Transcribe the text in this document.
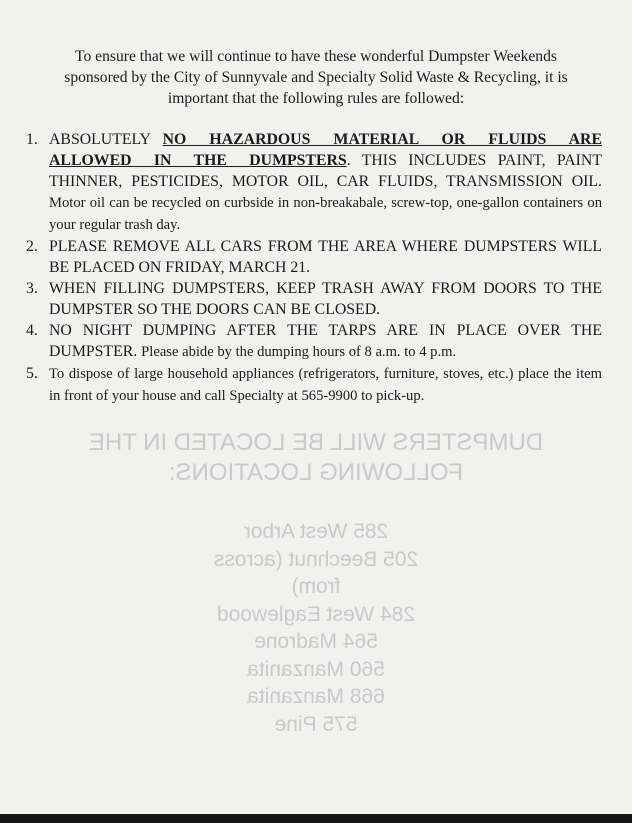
DUMPSTERS WILL BE LOCATED IN THE
FOLLOWING LOCATIONS:
285 West Arbor
205 Beechnut (across from)
284 West Eaglewood
564 Madrone
560 Manzanita
668 Manzanita
575 Pine
To ensure that we will continue to have these wonderful Dumpster Weekends
sponsored by the City of Sunnyvale and Specialty Solid Waste & Recycling, it is
important that the following rules are followed:
1. ABSOLUTELY NO HAZARDOUS MATERIAL OR FLUIDS ARE ALLOWED IN THE DUMPSTERS. THIS INCLUDES PAINT, PAINT THINNER, PESTICIDES, MOTOR OIL, CAR FLUIDS, TRANSMISSION OIL. Motor oil can be recycled on curbside in non-breakabale, screw-top, one-gallon containers on your regular trash day.
2. PLEASE REMOVE ALL CARS FROM THE AREA WHERE DUMPSTERS WILL BE PLACED ON FRIDAY, MARCH 21.
3. WHEN FILLING DUMPSTERS, KEEP TRASH AWAY FROM DOORS TO THE DUMPSTER SO THE DOORS CAN BE CLOSED.
4. NO NIGHT DUMPING AFTER THE TARPS ARE IN PLACE OVER THE DUMPSTER. Please abide by the dumping hours of 8 a.m. to 4 p.m.
5. To dispose of large household appliances (refrigerators, furniture, stoves, etc.) place the item in front of your house and call Specialty at 565-9900 to pick-up.
